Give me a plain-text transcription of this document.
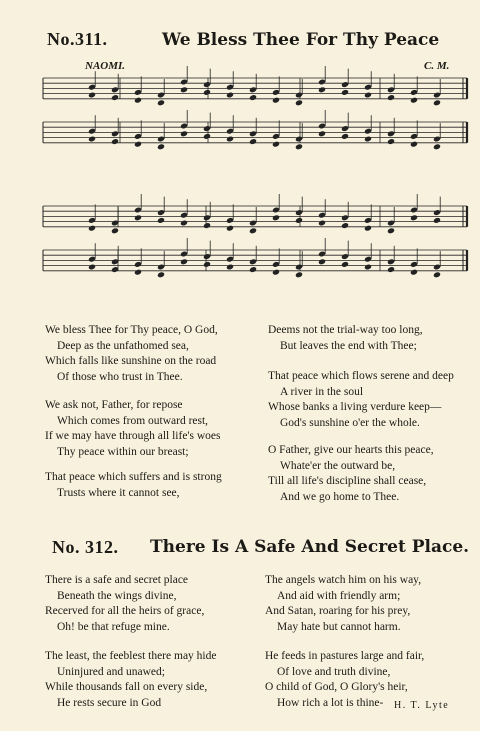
No.311.	We Bless Thee For Thy Peace
NAOMI.	C. M.
We bless Thee for Thy peace, O God,
Deep as the unfathomed sea,
Which falls like sunshine on the road
Of those who trust in Thee.
We ask not, Father, for repose
Which comes from outward rest,
If we may have through all life's woes
Thy peace within our breast;
That peace which suffers and is strong
Trusts where it cannot see,
Deems not the trial-way too long,
But leaves the end with Thee;
That peace which flows serene and deep
A river in the soul
Whose banks a living verdure keep—
God's sunshine o'er the whole.
O Father, give our hearts this peace,
Whate'er the outward be,
Till all life's discipline shall cease,
And we go home to Thee.
No. 312. There Is A Safe And Secret Place.
There is a safe and secret place
Beneath the wings divine,
Recerved for all the heirs of grace,
Oh! be that refuge mine.
The least, the feeblest there may hide
Uninjured and unawed;
While thousands fall on every side,
He rests secure in God
The angels watch him on his way,
And aid with friendly arm;
And Satan, roaring for his prey,
May hate but cannot harm.
He feeds in pastures large and fair,
Of love and truth divine,
O child of God, O Glory's heir,
How rich a lot is thine-	H. T. Lyte
